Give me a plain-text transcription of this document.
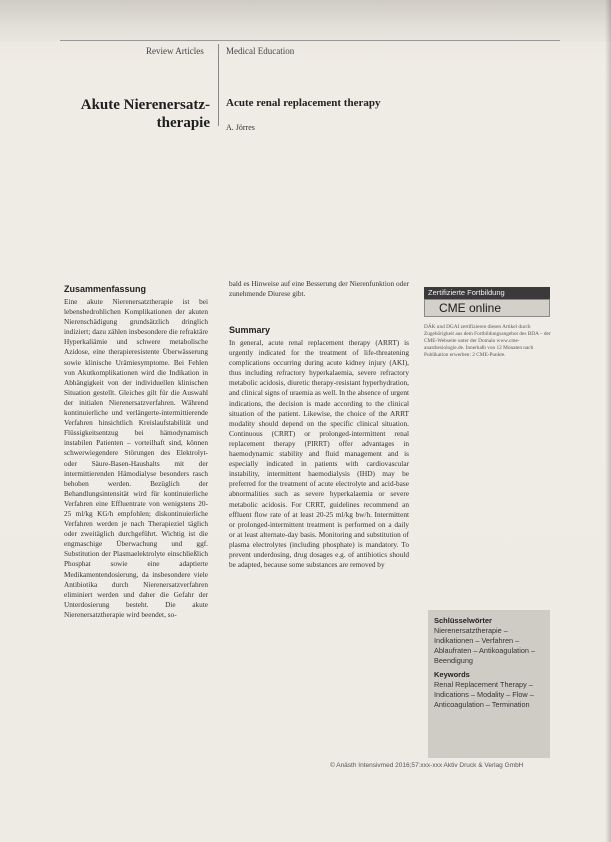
Review Articles Medical Education
Akute Nierenersatz-
therapie
Acute renal replacement therapy
A. Jörres
Zusammenfassung
Eine akute Nierenersatztherapie ist bei lebensbedrohlichen Komplikationen der akuten Nierenschädigung grundsätzlich dringlich indiziert; dazu zählen insbesondere die refraktäre Hyperkaliämie und schwere metabolische Azidose, eine therapieresistente Überwässerung sowie klinische Urämiesymptome. Bei Fehlen von Akutkomplikationen wird die Indikation in Abhängigkeit von der individuellen klinischen Situation gestellt. Gleiches gilt für die Auswahl der initialen Nierenersatzverfahren. Während kontinuierliche und verlängerte-intermittierende Verfahren hinsichtlich Kreislaufstabilität und Flüssigkeitsentzug bei hämodynamisch instabilen Patienten – vorteilhaft sind, können schwerwiegendere Störungen des Elektrolyt- oder Säure-Basen-Haushalts mit der intermittierenden Hämodialyse besonders rasch behoben werden. Bezüglich der Behandlungsintensität wird für kontinuierliche Verfahren eine Effluentrate von wenigstens 20-25 ml/kg KG/h empfohlen; diskontinuierliche Verfahren werden je nach Therapieziel täglich oder zweitäglich durchgeführt. Wichtig ist die engmaschige Überwachung und ggf. Substitution der Plasmaelektrolyte einschließlich Phosphat sowie eine adaptierte Medikamentendosierung, da insbesondere viele Antibiotika durch Nierenersatzverfahren eliminiert werden und daher die Gefahr der Unterdosierung besteht. Die akute Nierenersatztherapie wird beendet, so-
bald es Hinweise auf eine Besserung der Nierenfunktion oder zunehmende Diurese gibt.
Summary
In general, acute renal replacement therapy (ARRT) is urgently indicated for the treatment of life-threatening complications occurring during acute kidney injury (AKI), thus including refractory hyperkalaemia, severe refractory metabolic acidosis, diuretic therapy-resistant hyperhydration, and clinical signs of uraemia as well. In the absence of urgent indications, the decision is made according to the clinical situation of the patient. Likewise, the choice of the ARRT modality should depend on the specific clinical situation. Continuous (CRRT) or prolonged-intermittent renal replacement therapy (PIRRT) offer advantages in haemodynamic stability and fluid management and is especially indicated in patients with cardiovascular instability, intermittent haemodialysis (IHD) may be preferred for the treatment of acute electrolyte and acid-base abnormalities such as severe hyperkalaemia or severe metabolic acidosis. For CRRT, guidelines recommend an effluent flow rate of at least 20-25 ml/kg bw/h. Intermittent or prolonged-intermittent treatment is performed on a daily or at least alternate-day basis. Monitoring and substitution of plasma electrolytes (including phosphate) is mandatory. To prevent underdosing, drug dosages e.g. of antibiotics should be adapted, because some substances are removed by
Zertifizierte Fortbildung
CME online
DÄK und DGAI zertifizieren diesen Artikel durch Zugehörigkeit aus dem Fortbildungsangebot des BDA – der CME-Webseite unter der Domain www.cme-anasthesiologie.de. Innerhalb von 12 Monaten nach Publikation erwerben: 2 CME-Punkte.
Schlüsselwörter
Nierenersatztherapie – Indikationen – Verfahren – Ablaufraten – Antikoagulation – Beendigung
Keywords
Renal Replacement Therapy – Indications – Modality – Flow – Anticoagulation – Termination
© Anästh Intensivmed 2016;57:xxx-xxx Aktiv Druck & Verlag GmbH
